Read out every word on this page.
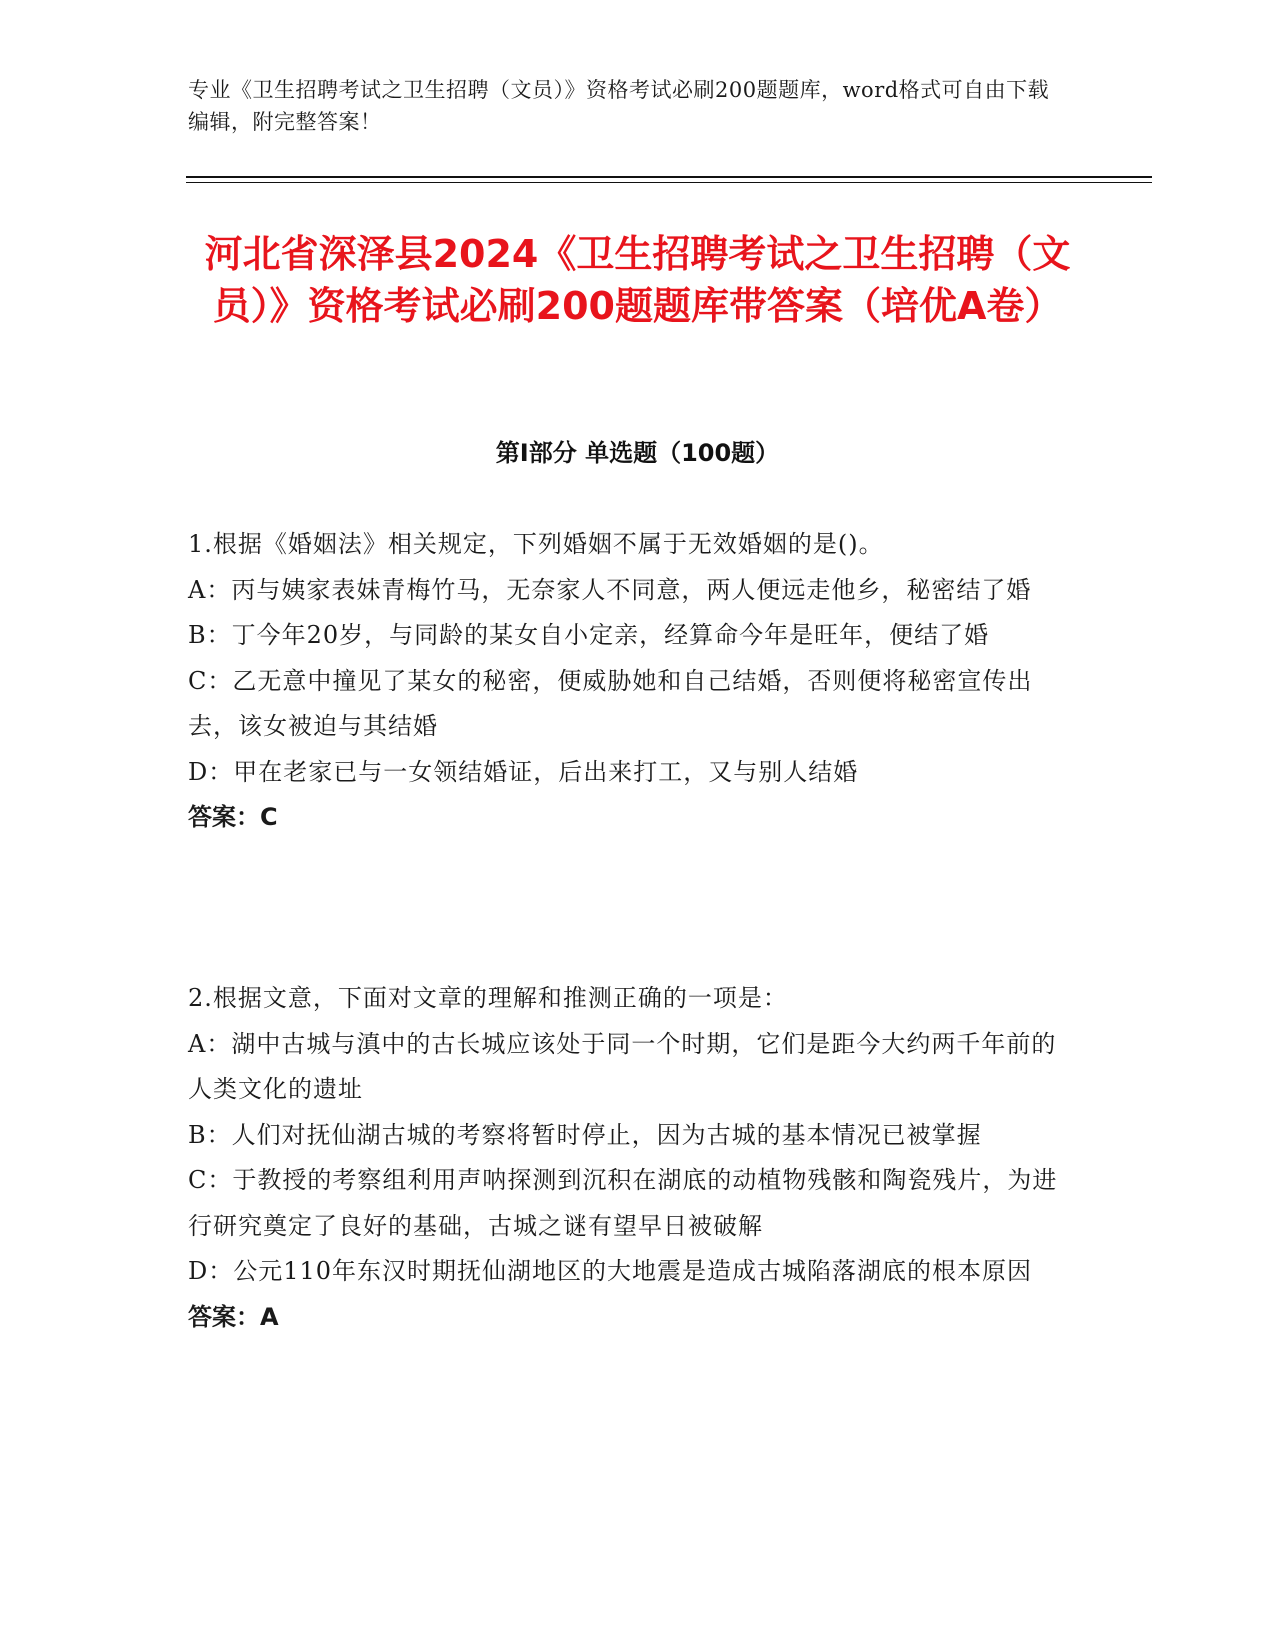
专业《卫生招聘考试之卫生招聘（文员）》资格考试必刷200题题库，word格式可自由下载编辑，附完整答案！
河北省深泽县2024《卫生招聘考试之卫生招聘（文员）》资格考试必刷200题题库带答案（培优A卷）
第Ⅰ部分 单选题（100题）
1.根据《婚姻法》相关规定，下列婚姻不属于无效婚姻的是()。
A：丙与姨家表妹青梅竹马，无奈家人不同意，两人便远走他乡，秘密结了婚
B：丁今年20岁，与同龄的某女自小定亲，经算命今年是旺年，便结了婚
C：乙无意中撞见了某女的秘密，便威胁她和自己结婚，否则便将秘密宣传出去，该女被迫与其结婚
D：甲在老家已与一女领结婚证，后出来打工，又与别人结婚
答案：C
2.根据文意，下面对文章的理解和推测正确的一项是：
A：湖中古城与滇中的古长城应该处于同一个时期，它们是距今大约两千年前的人类文化的遗址
B：人们对抚仙湖古城的考察将暂时停止，因为古城的基本情况已被掌握
C：于教授的考察组利用声呐探测到沉积在湖底的动植物残骸和陶瓷残片，为进行研究奠定了良好的基础，古城之谜有望早日被破解
D：公元110年东汉时期抚仙湖地区的大地震是造成古城陷落湖底的根本原因
答案：A
